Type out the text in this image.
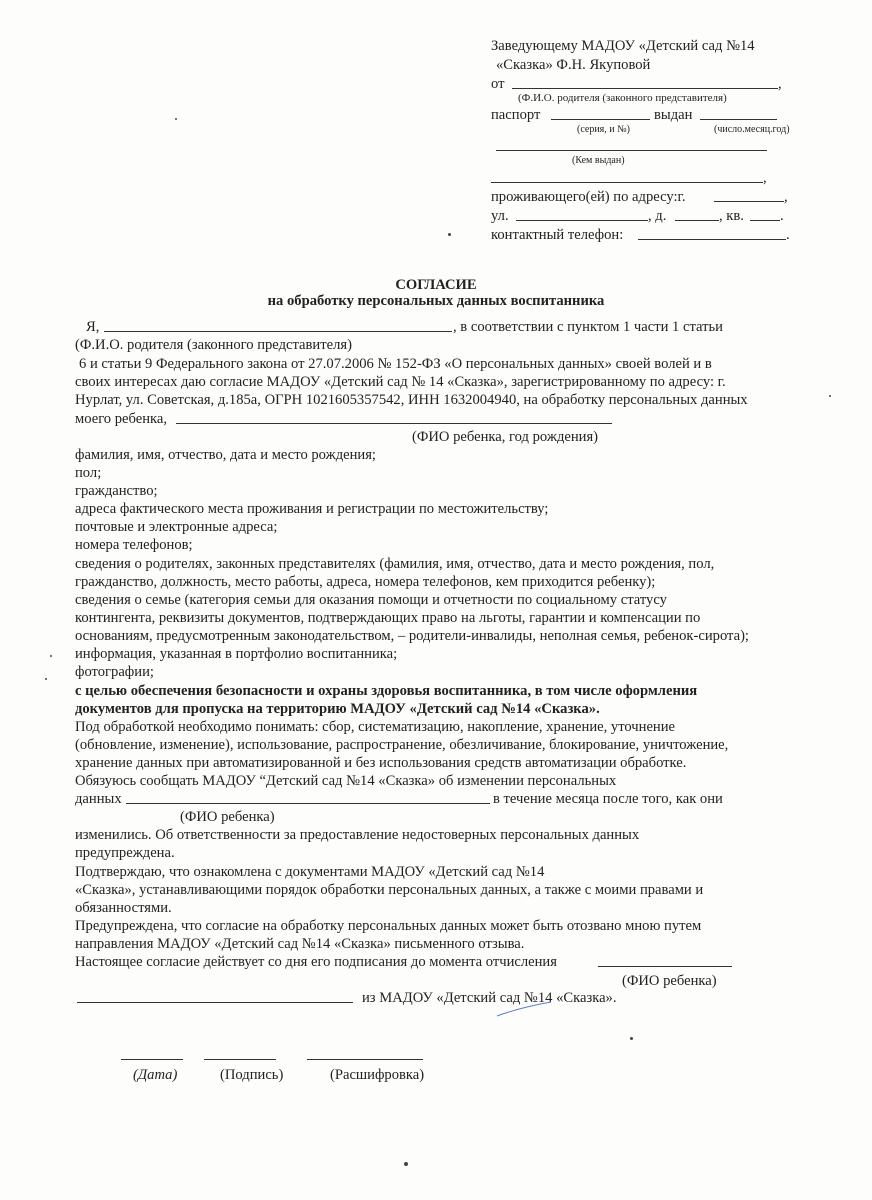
Заведующему МАДОУ «Детский сад №14
«Сказка» Ф.Н. Якуповой
от	,
(Ф.И.О. родителя (законного представителя)
паспорт	выдан
(серия, и №)	(число.месяц.год)
(Кем выдан)
,
проживающего(ей) по адресу:г.	,
ул.	, д.	, кв. .
контактный телефон:	.
СОГЛАСИЕ
на обработку персональных данных воспитанника
Я,	, в соответствии с пунктом 1 части 1 статьи
(Ф.И.О. родителя (законного представителя)
6 и статьи 9 Федерального закона от 27.07.2006 № 152-ФЗ «О персональных данных» своей волей и в
своих интересах даю согласие МАДОУ «Детский сад № 14 «Сказка», зарегистрированному по адресу: г.
Нурлат, ул. Советская, д.185а, ОГРН 1021605357542, ИНН 1632004940, на обработку персональных данных
моего ребенка,
(ФИО ребенка, год рождения)
фамилия, имя, отчество, дата и место рождения;
пол;
гражданство;
адреса фактического места проживания и регистрации по местожительству;
почтовые и электронные адреса;
номера телефонов;
сведения о родителях, законных представителях (фамилия, имя, отчество, дата и место рождения, пол,
гражданство, должность, место работы, адреса, номера телефонов, кем приходится ребенку);
сведения о семье (категория семьи для оказания помощи и отчетности по социальному статусу
контингента, реквизиты документов, подтверждающих право на льготы, гарантии и компенсации по
основаниям, предусмотренным законодательством, – родители-инвалиды, неполная семья, ребенок-сирота);
информация, указанная в портфолио воспитанника;
фотографии;
с целью обеспечения безопасности и охраны здоровья воспитанника, в том числе оформления
документов для пропуска на территорию МАДОУ «Детский сад №14 «Сказка».
Под обработкой необходимо понимать: сбор, систематизацию, накопление, хранение, уточнение
(обновление, изменение), использование, распространение, обезличивание, блокирование, уничтожение,
хранение данных при автоматизированной и без использования средств автоматизации обработке.
Обязуюсь сообщать МАДОУ “Детский сад №14 «Сказка» об изменении персональных
данных	в течение месяца после того, как они
(ФИО ребенка)
изменились. Об ответственности за предоставление недостоверных персональных данных
предупреждена.
Подтверждаю, что ознакомлена с документами МАДОУ «Детский сад №14
«Сказка», устанавливающими порядок обработки персональных данных, а также с моими правами и
обязанностями.
Предупреждена, что согласие на обработку персональных данных может быть отозвано мною путем
направления МАДОУ «Детский сад №14 «Сказка» письменного отзыва.
Настоящее согласие действует со дня его подписания до момента отчисления
(ФИО ребенка)
из МАДОУ «Детский сад №14 «Сказка».
(Дата)	(Подпись)	(Расшифровка)
